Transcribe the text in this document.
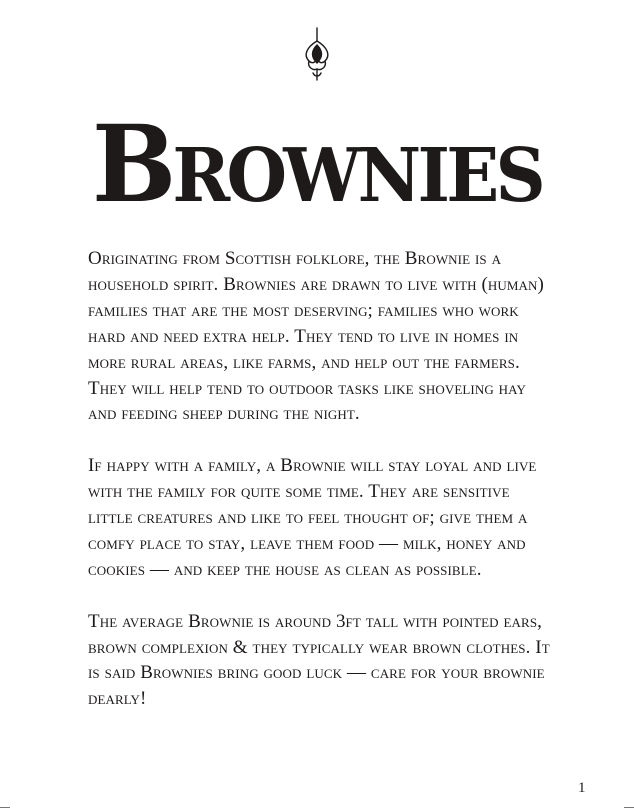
Brownies

Originating from Scottish folklore, the Brownie is a household spirit. Brownies are drawn to live with (human) families that are the most deserving; families who work hard and need extra help. They tend to live in homes in more rural areas, like farms, and help out the farmers. They will help tend to outdoor tasks like shoveling hay and feeding sheep during the night.

If happy with a family, a Brownie will stay loyal and live with the family for quite some time. They are sensitive little creatures and like to feel thought of; give them a comfy place to stay, leave them food — milk, honey and cookies — and keep the house as clean as possible.

The average Brownie is around 3ft tall with pointed ears, brown complexion & they typically wear brown clothes. It is said Brownies bring good luck — care for your brownie dearly!

1
